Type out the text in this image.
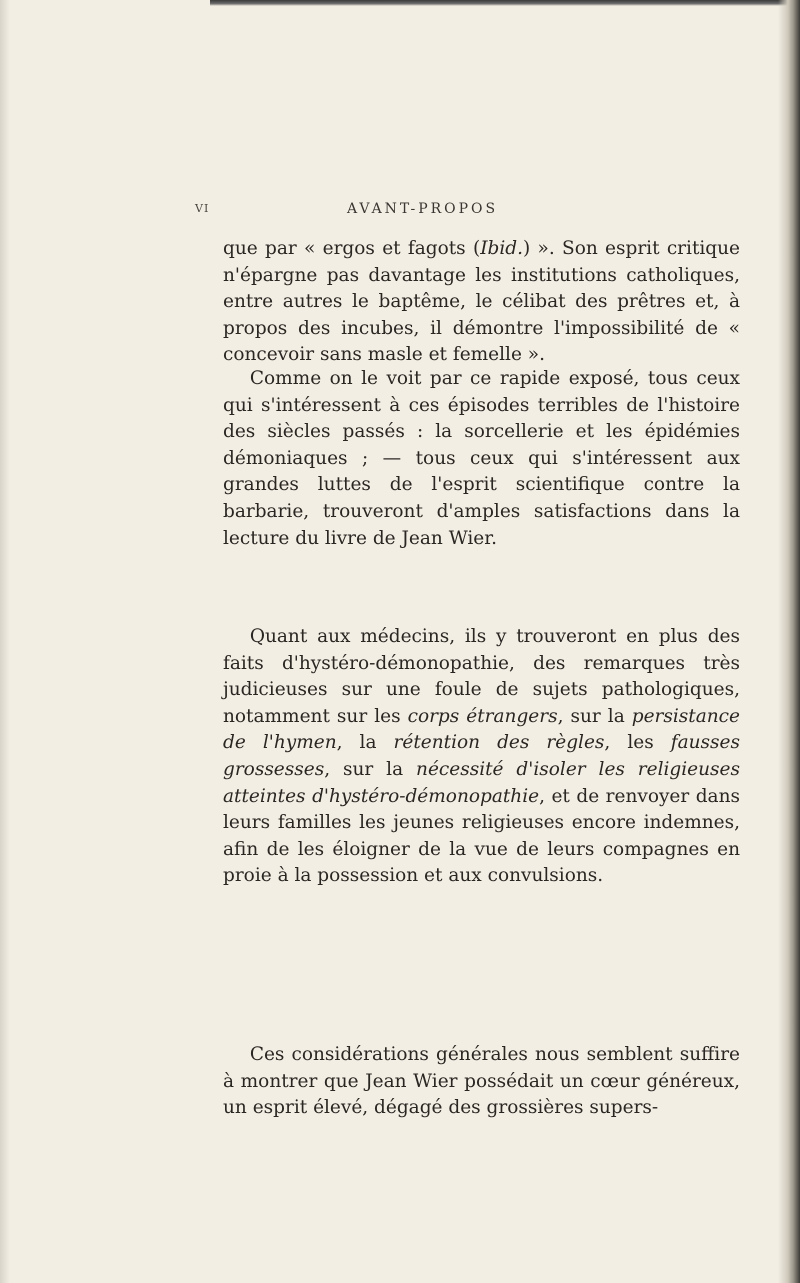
VI	AVANT-PROPOS

que par « ergos et fagots (Ibid.) ». Son esprit critique n'épargne pas davantage les institutions catholiques, entre autres le baptême, le célibat des prêtres et, à propos des incubes, il démontre l'impossibilité de « concevoir sans masle et femelle ».

Comme on le voit par ce rapide exposé, tous ceux qui s'intéressent à ces épisodes terribles de l'histoire des siècles passés : la sorcellerie et les épidémies démoniaques ; — tous ceux qui s'intéressent aux grandes luttes de l'esprit scientifique contre la barbarie, trouveront d'amples satisfactions dans la lecture du livre de Jean Wier.

Quant aux médecins, ils y trouveront en plus des faits d'hystéro-démonopathie, des remarques très judicieuses sur une foule de sujets pathologiques, notamment sur les corps étrangers, sur la persistance de l'hymen, la rétention des règles, les fausses grossesses, sur la nécessité d'isoler les religieuses atteintes d'hystéro-démonopathie, et de renvoyer dans leurs familles les jeunes religieuses encore indemnes, afin de les éloigner de la vue de leurs compagnes en proie à la possession et aux convulsions.

Ces considérations générales nous semblent suffire à montrer que Jean Wier possédait un cœur généreux, un esprit élevé, dégagé des grossières supers-
